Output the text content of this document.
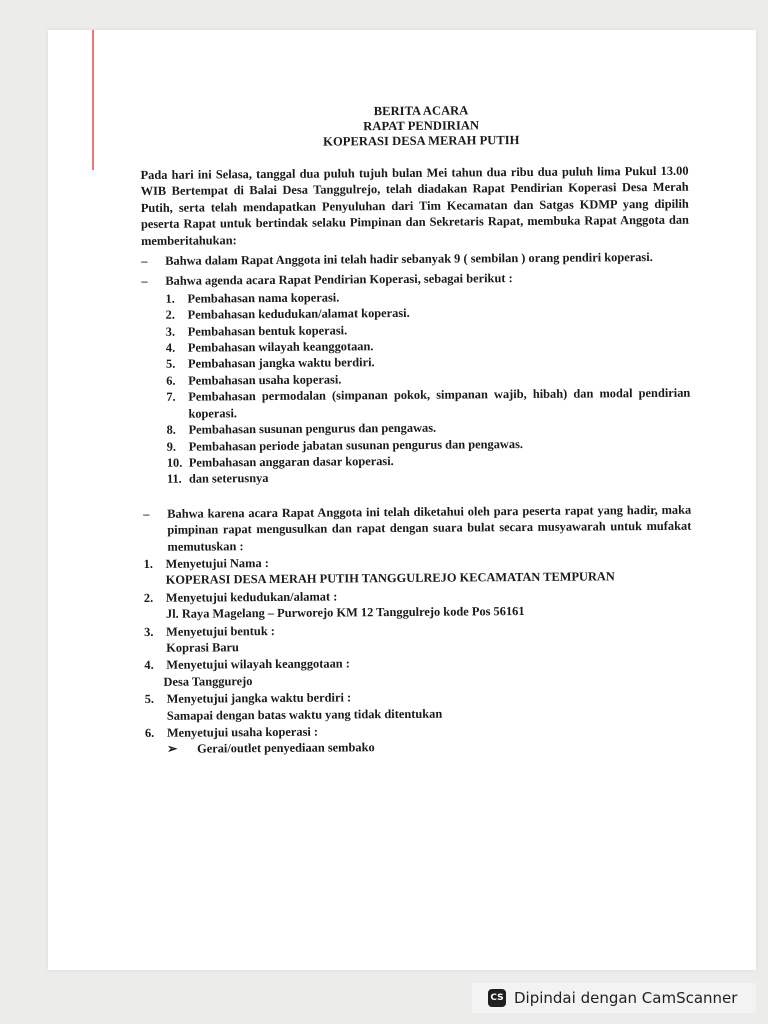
BERITA ACARA
RAPAT PENDIRIAN
KOPERASI DESA MERAH PUTIH
Pada hari ini Selasa, tanggal dua puluh tujuh bulan Mei tahun dua ribu dua puluh lima Pukul 13.00 WIB Bertempat di Balai Desa Tanggulrejo, telah diadakan Rapat Pendirian Koperasi Desa Merah Putih, serta telah mendapatkan Penyuluhan dari Tim Kecamatan dan Satgas KDMP yang dipilih peserta Rapat untuk bertindak selaku Pimpinan dan Sekretaris Rapat, membuka Rapat Anggota dan memberitahukan:
– Bahwa dalam Rapat Anggota ini telah hadir sebanyak 9 ( sembilan ) orang pendiri koperasi.
– Bahwa agenda acara Rapat Pendirian Koperasi, sebagai berikut :
1. Pembahasan nama koperasi.
2. Pembahasan kedudukan/alamat koperasi.
3. Pembahasan bentuk koperasi.
4. Pembahasan wilayah keanggotaan.
5. Pembahasan jangka waktu berdiri.
6. Pembahasan usaha koperasi.
7. Pembahasan permodalan (simpanan pokok, simpanan wajib, hibah) dan modal pendirian koperasi.
8. Pembahasan susunan pengurus dan pengawas.
9. Pembahasan periode jabatan susunan pengurus dan pengawas.
10. Pembahasan anggaran dasar koperasi.
11. dan seterusnya
– Bahwa karena acara Rapat Anggota ini telah diketahui oleh para peserta rapat yang hadir, maka pimpinan rapat mengusulkan dan rapat dengan suara bulat secara musyawarah untuk mufakat memutuskan :
1. Menyetujui Nama :
KOPERASI DESA MERAH PUTIH TANGGULREJO KECAMATAN TEMPURAN
2. Menyetujui kedudukan/alamat :
Jl. Raya Magelang – Purworejo KM 12 Tanggulrejo kode Pos 56161
3. Menyetujui bentuk :
Koprasi Baru
4. Menyetujui wilayah keanggotaan :
Desa Tanggurejo
5. Menyetujui jangka waktu berdiri :
Samapai dengan batas waktu yang tidak ditentukan
6. Menyetujui usaha koperasi :
➢ Gerai/outlet penyediaan sembako
CS Dipindai dengan CamScanner
